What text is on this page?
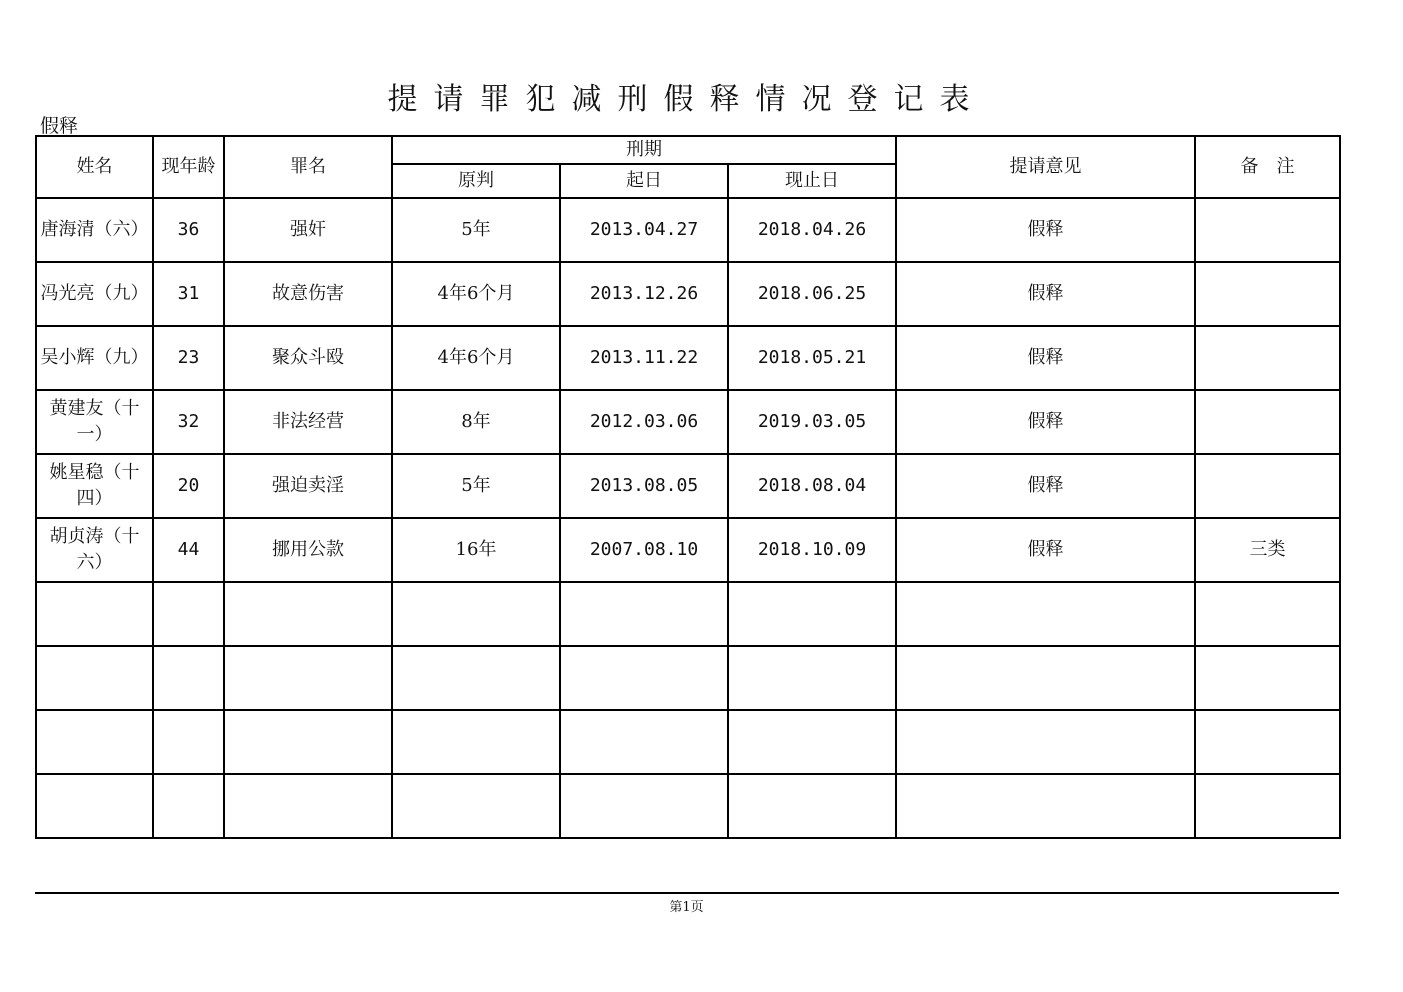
提请罪犯减刑假释情况登记表
假释
姓名	现年龄	罪名	刑期			提请意见	备　注
			原判	起日	现止日		
唐海清（六）	36	强奸	5年	2013.04.27	2018.04.26	假释	
冯光亮（九）	31	故意伤害	4年6个月	2013.12.26	2018.06.25	假释	
吴小辉（九）	23	聚众斗殴	4年6个月	2013.11.22	2018.05.21	假释	
黄建友（十一）	32	非法经营	8年	2012.03.06	2019.03.05	假释	
姚星稳（十四）	20	强迫卖淫	5年	2013.08.05	2018.08.04	假释	
胡贞涛（十六）	44	挪用公款	16年	2007.08.10	2018.10.09	假释	三类

第1页
